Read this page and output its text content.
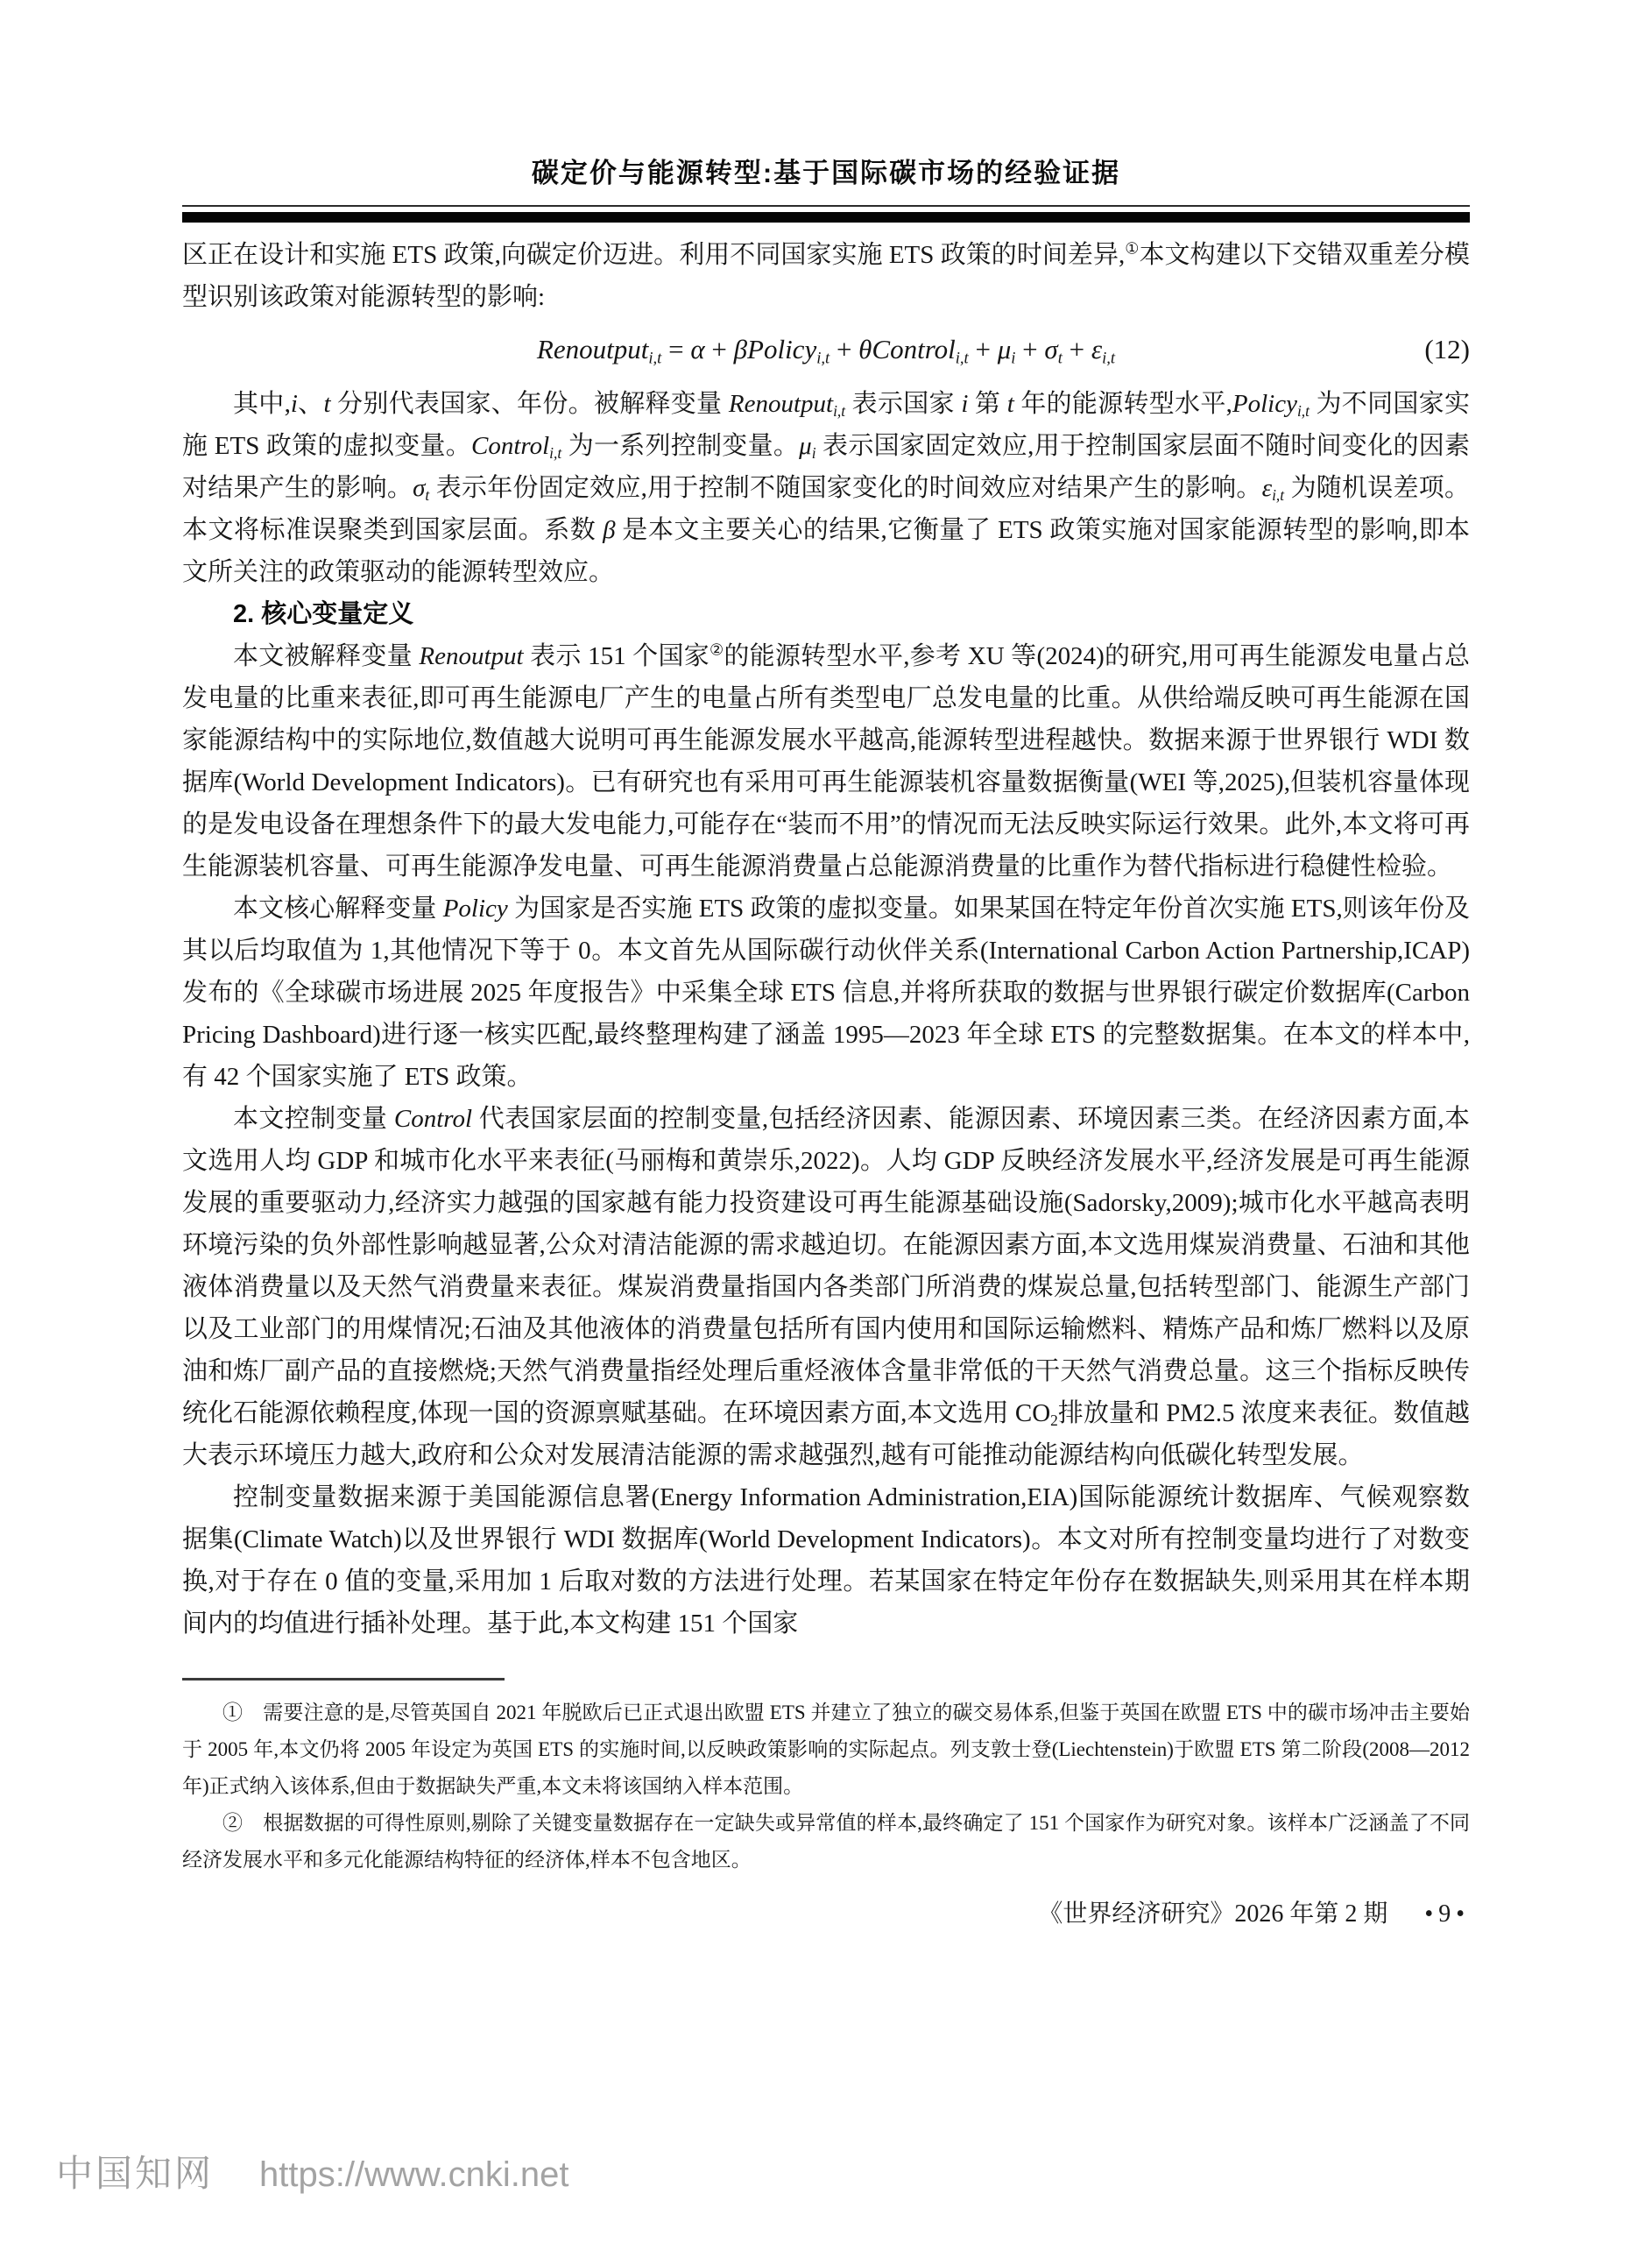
碳定价与能源转型:基于国际碳市场的经验证据

区正在设计和实施 ETS 政策,向碳定价迈进。利用不同国家实施 ETS 政策的时间差异,①本文构建以下交错双重差分模型识别该政策对能源转型的影响:

Renoutput$_{i,t}$ = α + βPolicy$_{i,t}$ + θControl$_{i,t}$ + $\mu_i + \sigma_t + \varepsilon_{i,t}$	(12)

其中,i、t 分别代表国家、年份。被解释变量 Renoutput$_{i,t}$ 表示国家 i 第 t 年的能源转型水平,Policy$_{i,t}$ 为不同国家实施 ETS 政策的虚拟变量。Control$_{i,t}$ 为一系列控制变量。$\mu_i$ 表示国家固定效应,用于控制国家层面不随时间变化的因素对结果产生的影响。$\sigma_t$ 表示年份固定效应,用于控制不随国家变化的时间效应对结果产生的影响。$\varepsilon_{i,t}$ 为随机误差项。本文将标准误聚类到国家层面。系数 β 是本文主要关心的结果,它衡量了 ETS 政策实施对国家能源转型的影响,即本文所关注的政策驱动的能源转型效应。

2. 核心变量定义

本文被解释变量 Renoutput 表示 151 个国家②的能源转型水平,参考 XU 等(2024)的研究,用可再生能源发电量占总发电量的比重来表征,即可再生能源电厂产生的电量占所有类型电厂总发电量的比重。从供给端反映可再生能源在国家能源结构中的实际地位,数值越大说明可再生能源发展水平越高,能源转型进程越快。数据来源于世界银行 WDI 数据库(World Development Indicators)。已有研究也有采用可再生能源装机容量数据衡量(WEI 等,2025),但装机容量体现的是发电设备在理想条件下的最大发电能力,可能存在“装而不用”的情况而无法反映实际运行效果。此外,本文将可再生能源装机容量、可再生能源净发电量、可再生能源消费量占总能源消费量的比重作为替代指标进行稳健性检验。

本文核心解释变量 Policy 为国家是否实施 ETS 政策的虚拟变量。如果某国在特定年份首次实施 ETS,则该年份及其以后均取值为 1,其他情况下等于 0。本文首先从国际碳行动伙伴关系(International Carbon Action Partnership,ICAP)发布的《全球碳市场进展 2025 年度报告》中采集全球 ETS 信息,并将所获取的数据与世界银行碳定价数据库(Carbon Pricing Dashboard)进行逐一核实匹配,最终整理构建了涵盖 1995—2023 年全球 ETS 的完整数据集。在本文的样本中,有 42 个国家实施了 ETS 政策。

本文控制变量 Control 代表国家层面的控制变量,包括经济因素、能源因素、环境因素三类。在经济因素方面,本文选用人均 GDP 和城市化水平来表征(马丽梅和黄崇乐,2022)。人均 GDP 反映经济发展水平,经济发展是可再生能源发展的重要驱动力,经济实力越强的国家越有能力投资建设可再生能源基础设施(Sadorsky,2009);城市化水平越高表明环境污染的负外部性影响越显著,公众对清洁能源的需求越迫切。在能源因素方面,本文选用煤炭消费量、石油和其他液体消费量以及天然气消费量来表征。煤炭消费量指国内各类部门所消费的煤炭总量,包括转型部门、能源生产部门以及工业部门的用煤情况;石油及其他液体的消费量包括所有国内使用和国际运输燃料、精炼产品和炼厂燃料以及原油和炼厂副产品的直接燃烧;天然气消费量指经处理后重烃液体含量非常低的干天然气消费总量。这三个指标反映传统化石能源依赖程度,体现一国的资源禀赋基础。在环境因素方面,本文选用 $CO_2$排放量和 PM2.5 浓度来表征。数值越大表示环境压力越大,政府和公众对发展清洁能源的需求越强烈,越有可能推动能源结构向低碳化转型发展。

控制变量数据来源于美国能源信息署(Energy Information Administration,EIA)国际能源统计数据库、气候观察数据集(Climate Watch)以及世界银行 WDI 数据库(World Development Indicators)。本文对所有控制变量均进行了对数变换,对于存在 0 值的变量,采用加 1 后取对数的方法进行处理。若某国家在特定年份存在数据缺失,则采用其在样本期间内的均值进行插补处理。基于此,本文构建 151 个国家

①　需要注意的是,尽管英国自 2021 年脱欧后已正式退出欧盟 ETS 并建立了独立的碳交易体系,但鉴于英国在欧盟 ETS 中的碳市场冲击主要始于 2005 年,本文仍将 2005 年设定为英国 ETS 的实施时间,以反映政策影响的实际起点。列支敦士登(Liechtenstein)于欧盟 ETS 第二阶段(2008—2012 年)正式纳入该体系,但由于数据缺失严重,本文未将该国纳入样本范围。

②　根据数据的可得性原则,剔除了关键变量数据存在一定缺失或异常值的样本,最终确定了 151 个国家作为研究对象。该样本广泛涵盖了不同经济发展水平和多元化能源结构特征的经济体,样本不包含地区。

《世界经济研究》2026 年第 2 期 •9•
中国知网 https://www.cnki.net
